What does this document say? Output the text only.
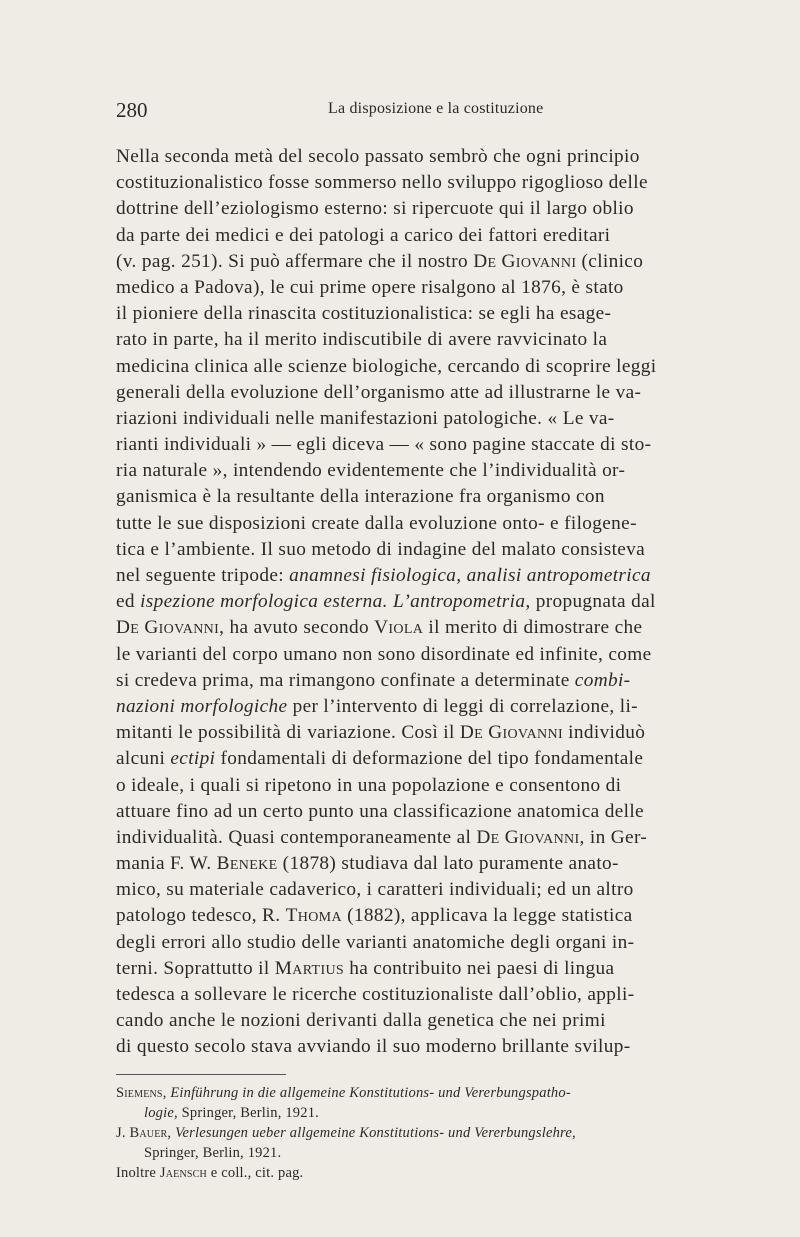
280	La disposizione e la costituzione
Nella seconda metà del secolo passato sembrò che ogni principio
costituzionalistico fosse sommerso nello sviluppo rigoglioso delle
dottrine dell’eziologismo esterno: si ripercuote qui il largo oblio
da parte dei medici e dei patologi a carico dei fattori ereditari
(v. pag. 251). Si può affermare che il nostro De Giovanni (clinico
medico a Padova), le cui prime opere risalgono al 1876, è stato
il pioniere della rinascita costituzionalistica: se egli ha esage-
rato in parte, ha il merito indiscutibile di avere ravvicinato la
medicina clinica alle scienze biologiche, cercando di scoprire leggi
generali della evoluzione dell’organismo atte ad illustrarne le va-
riazioni individuali nelle manifestazioni patologiche. « Le va-
rianti individuali » — egli diceva — « sono pagine staccate di sto-
ria naturale », intendendo evidentemente che l’individualità or-
ganismica è la resultante della interazione fra organismo con
tutte le sue disposizioni create dalla evoluzione onto- e filogene-
tica e l’ambiente. Il suo metodo di indagine del malato consisteva
nel seguente tripode: anamnesi fisiologica, analisi antropometrica
ed ispezione morfologica esterna. L’antropometria, propugnata dal
De Giovanni, ha avuto secondo Viola il merito di dimostrare che
le varianti del corpo umano non sono disordinate ed infinite, come
si credeva prima, ma rimangono confinate a determinate combi-
nazioni morfologiche per l’intervento di leggi di correlazione, li-
mitanti le possibilità di variazione. Così il De Giovanni individuò
alcuni ectipi fondamentali di deformazione del tipo fondamentale
o ideale, i quali si ripetono in una popolazione e consentono di
attuare fino ad un certo punto una classificazione anatomica delle
individualità. Quasi contemporaneamente al De Giovanni, in Ger-
mania F. W. Beneke (1878) studiava dal lato puramente anato-
mico, su materiale cadaverico, i caratteri individuali; ed un altro
patologo tedesco, R. Thoma (1882), applicava la legge statistica
degli errori allo studio delle varianti anatomiche degli organi in-
terni. Soprattutto il Martius ha contribuito nei paesi di lingua
tedesca a sollevare le ricerche costituzionaliste dall’oblio, appli-
cando anche le nozioni derivanti dalla genetica che nei primi
di questo secolo stava avviando il suo moderno brillante svilup-
Siemens, Einführung in die allgemeine Konstitutions- und Vererbungspatho-
logie, Springer, Berlin, 1921.
J. Bauer, Verlesungen ueber allgemeine Konstitutions- und Vererbungslehre,
Springer, Berlin, 1921.
Inoltre Jaensch e coll., cit. pag.
